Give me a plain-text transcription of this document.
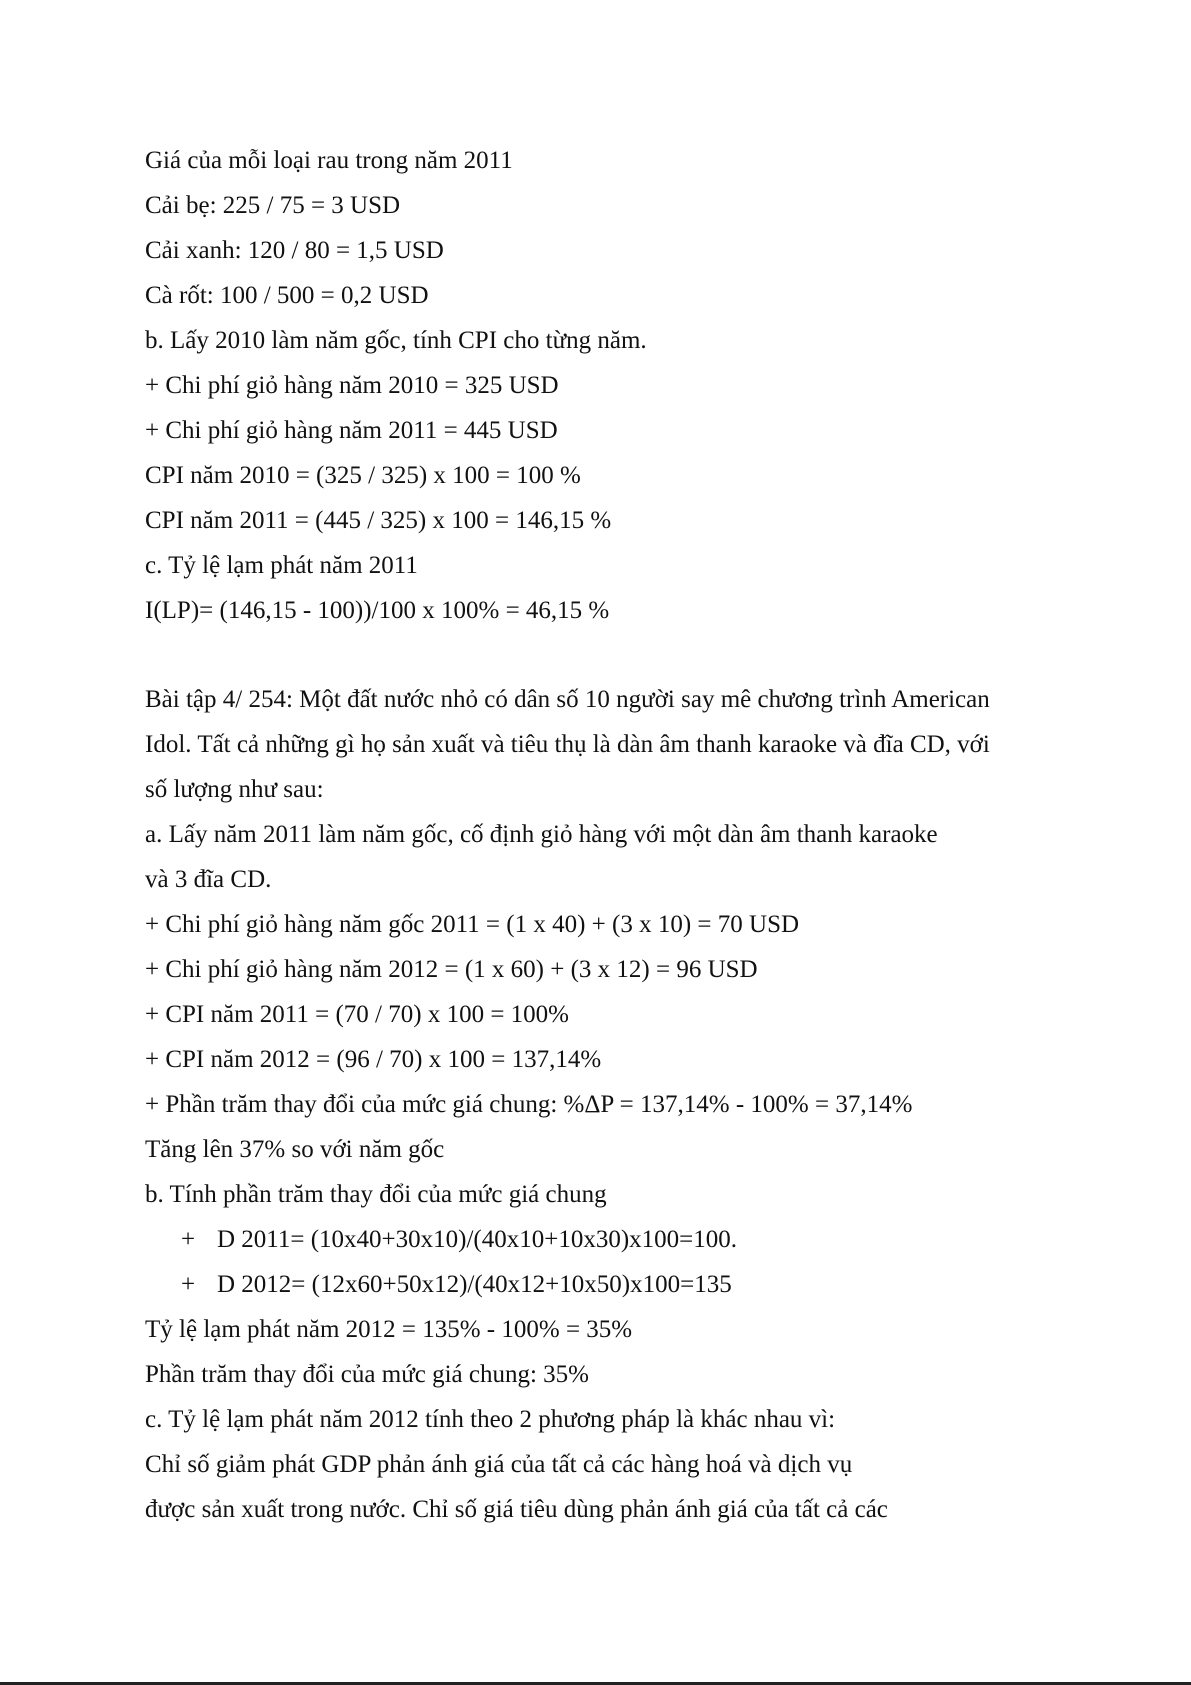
Giá của mỗi loại rau trong năm 2011
Cải bẹ: 225 / 75 = 3 USD
Cải xanh: 120 / 80 = 1,5 USD
Cà rốt: 100 / 500 = 0,2 USD
b. Lấy 2010 làm năm gốc, tính CPI cho từng năm.
+ Chi phí giỏ hàng năm 2010 = 325 USD
+ Chi phí giỏ hàng năm 2011 = 445 USD
CPI năm 2010 = (325 / 325) x 100 = 100 %
CPI năm 2011 = (445 / 325) x 100 = 146,15 %
c. Tỷ lệ lạm phát năm 2011
I(LP)= (146,15 - 100))/100 x 100% = 46,15 %
Bài tập 4/ 254: Một đất nước nhỏ có dân số 10 người say mê chương trình American
Idol. Tất cả những gì họ sản xuất và tiêu thụ là dàn âm thanh karaoke và đĩa CD, với
số lượng như sau:
a. Lấy năm 2011 làm năm gốc, cố định giỏ hàng với một dàn âm thanh karaoke
và 3 đĩa CD.
+ Chi phí giỏ hàng năm gốc 2011 = (1 x 40) + (3 x 10) = 70 USD
+ Chi phí giỏ hàng năm 2012 = (1 x 60) + (3 x 12) = 96 USD
+ CPI năm 2011 = (70 / 70) x 100 = 100%
+ CPI năm 2012 = (96 / 70) x 100 = 137,14%
+ Phần trăm thay đổi của mức giá chung: %ΔP = 137,14% - 100% = 37,14%
Tăng lên 37% so với năm gốc
b. Tính phần trăm thay đổi của mức giá chung
+ D 2011= (10x40+30x10)/(40x10+10x30)x100=100.
+ D 2012= (12x60+50x12)/(40x12+10x50)x100=135
Tỷ lệ lạm phát năm 2012 = 135% - 100% = 35%
Phần trăm thay đổi của mức giá chung: 35%
c. Tỷ lệ lạm phát năm 2012 tính theo 2 phương pháp là khác nhau vì:
Chỉ số giảm phát GDP phản ánh giá của tất cả các hàng hoá và dịch vụ
được sản xuất trong nước. Chỉ số giá tiêu dùng phản ánh giá của tất cả các
